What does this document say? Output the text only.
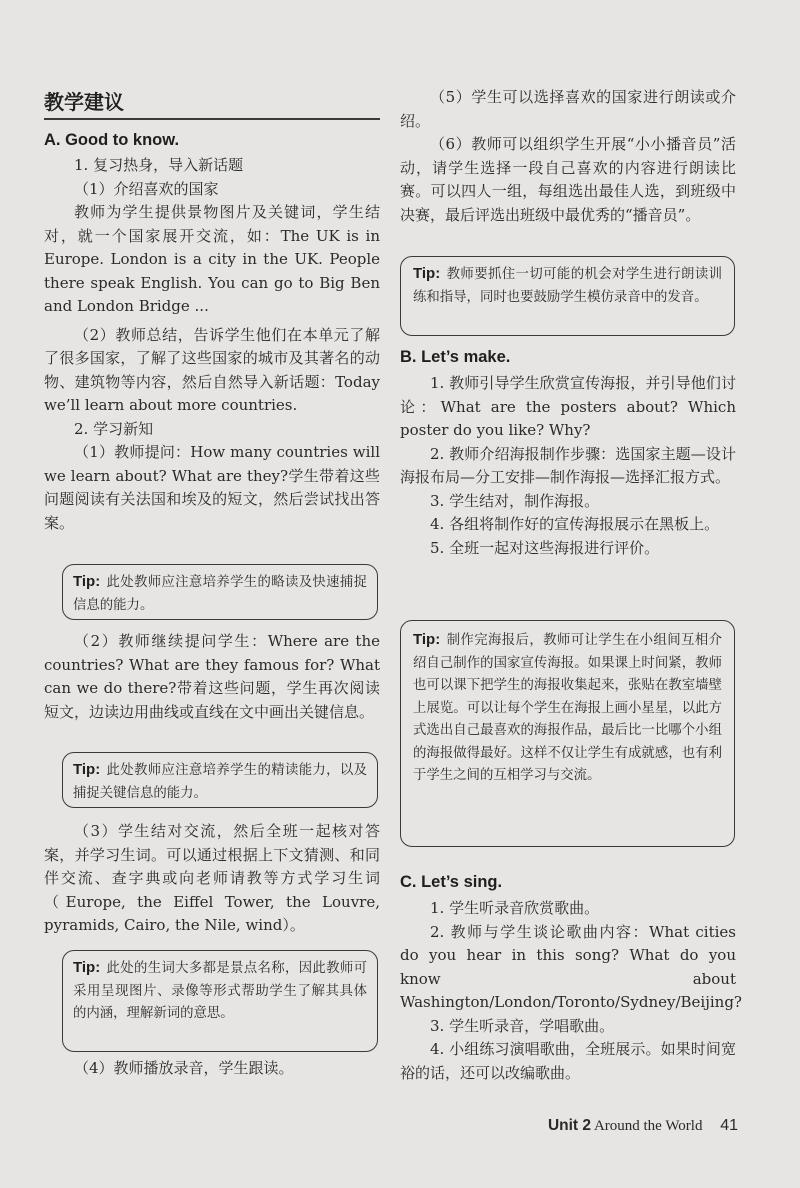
教学建议
A. Good to know.

1. 复习热身，导入新话题

（1）介绍喜欢的国家

教师为学生提供景物图片及关键词，学生结对，就一个国家展开交流，如：The UK is in Europe. London is a city in the UK. People there speak English. You can go to Big Ben and London Bridge ...

（2）教师总结，告诉学生他们在本单元了解了很多国家，了解了这些国家的城市及其著名的动物、建筑物等内容，然后自然导入新话题：Today we’ll learn about more countries.

2. 学习新知

（1）教师提问：How many countries will we learn about? What are they?学生带着这些问题阅读有关法国和埃及的短文，然后尝试找出答案。

Tip: 此处教师应注意培养学生的略读及快速捕捉信息的能力。

（2）教师继续提问学生：Where are the countries? What are they famous for? What can we do there?带着这些问题，学生再次阅读短文，边读边用曲线或直线在文中画出关键信息。

Tip: 此处教师应注意培养学生的精读能力，以及捕捉关键信息的能力。

（3）学生结对交流，然后全班一起核对答案，并学习生词。可以通过根据上下文猜测、和同伴交流、查字典或向老师请教等方式学习生词（Europe, the Eiffel Tower, the Louvre, pyramids, Cairo, the Nile, wind）。

Tip: 此处的生词大多都是景点名称，因此教师可采用呈现图片、录像等形式帮助学生了解其具体的内涵，理解新词的意思。

（4）教师播放录音，学生跟读。

（5）学生可以选择喜欢的国家进行朗读或介绍。

（6）教师可以组织学生开展“小小播音员”活动，请学生选择一段自己喜欢的内容进行朗读比赛。可以四人一组，每组选出最佳人选，到班级中决赛，最后评选出班级中最优秀的“播音员”。

Tip: 教师要抓住一切可能的机会对学生进行朗读训练和指导，同时也要鼓励学生模仿录音中的发音。

B. Let’s make.

1. 教师引导学生欣赏宣传海报，并引导他们讨论：What are the posters about? Which poster do you like? Why?

2. 教师介绍海报制作步骤：选国家主题—设计海报布局—分工安排—制作海报—选择汇报方式。

3. 学生结对，制作海报。

4. 各组将制作好的宣传海报展示在黑板上。

5. 全班一起对这些海报进行评价。

Tip: 制作完海报后，教师可让学生在小组间互相介绍自己制作的国家宣传海报。如果课上时间紧，教师也可以课下把学生的海报收集起来，张贴在教室墙壁上展览。可以让每个学生在海报上画小星星，以此方式选出自己最喜欢的海报作品，最后比一比哪个小组的海报做得最好。这样不仅让学生有成就感，也有利于学生之间的互相学习与交流。

C. Let’s sing.

1. 学生听录音欣赏歌曲。

2. 教师与学生谈论歌曲内容：What cities do you hear in this song? What do you know about Washington/London/Toronto/Sydney/Beijing?

3. 学生听录音，学唱歌曲。

4. 小组练习演唱歌曲，全班展示。如果时间宽裕的话，还可以改编歌曲。

Unit 2 Around the World 41
